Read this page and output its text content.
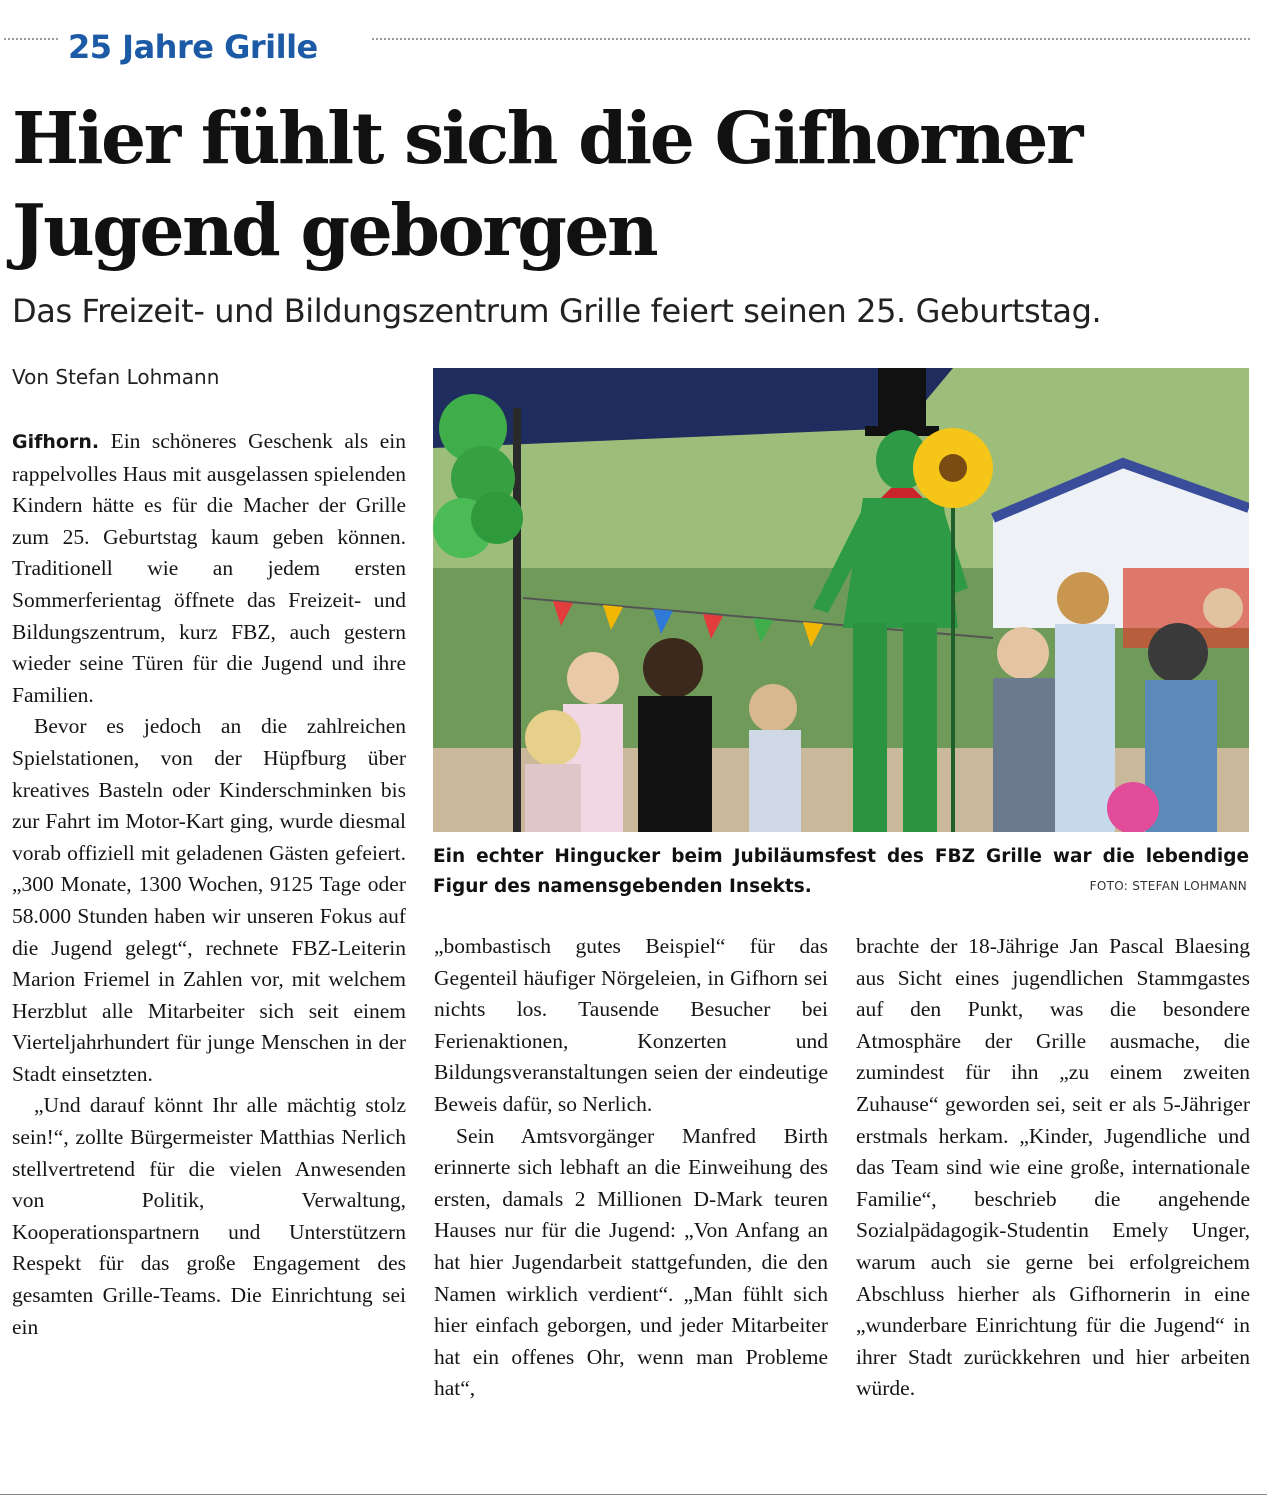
25 Jahre Grille
Hier fühlt sich die Gifhorner
Jugend geborgen
Das Freizeit- und Bildungszentrum Grille feiert seinen 25. Geburtstag.
Von Stefan Lohmann

Gifhorn. Ein schöneres Geschenk als ein rappelvolles Haus mit ausgelassen spielenden Kindern hätte es für die Macher der Grille zum 25. Geburtstag kaum geben können. Traditionell wie an jedem ersten Sommerferientag öffnete das Freizeit- und Bildungszentrum, kurz FBZ, auch gestern wieder seine Türen für die Jugend und ihre Familien.

Bevor es jedoch an die zahlreichen Spielstationen, von der Hüpfburg über kreatives Basteln oder Kinderschminken bis zur Fahrt im Motor-Kart ging, wurde diesmal vorab offiziell mit geladenen Gästen gefeiert. „300 Monate, 1300 Wochen, 9125 Tage oder 58.000 Stunden haben wir unseren Fokus auf die Jugend gelegt“, rechnete FBZ-Leiterin Marion Friemel in Zahlen vor, mit welchem Herzblut alle Mitarbeiter sich seit einem Vierteljahrhundert für junge Menschen in der Stadt einsetzten.

„Und darauf könnt Ihr alle mächtig stolz sein!“, zollte Bürgermeister Matthias Nerlich stellvertretend für die vielen Anwesenden von Politik, Verwaltung, Kooperationspartnern und Unterstützern Respekt für das große Engagement des gesamten Grille-Teams. Die Einrichtung sei ein

Ein echter Hingucker beim Jubiläumsfest des FBZ Grille war die lebendige Figur des namensgebenden Insekts.	FOTO: STEFAN LOHMANN

„bombastisch gutes Beispiel“ für das Gegenteil häufiger Nörgeleien, in Gifhorn sei nichts los. Tausende Besucher bei Ferienaktionen, Konzerten und Bildungsveranstaltungen seien der eindeutige Beweis dafür, so Nerlich.

Sein Amtsvorgänger Manfred Birth erinnerte sich lebhaft an die Einweihung des ersten, damals 2 Millionen D-Mark teuren Hauses nur für die Jugend: „Von Anfang an hat hier Jugendarbeit stattgefunden, die den Namen wirklich verdient“. „Man fühlt sich hier einfach geborgen, und jeder Mitarbeiter hat ein offenes Ohr, wenn man Probleme hat“,

brachte der 18-Jährige Jan Pascal Blaesing aus Sicht eines jugendlichen Stammgastes auf den Punkt, was die besondere Atmosphäre der Grille ausmache, die zumindest für ihn „zu einem zweiten Zuhause“ geworden sei, seit er als 5-Jähriger erstmals herkam. „Kinder, Jugendliche und das Team sind wie eine große, internationale Familie“, beschrieb die angehende Sozialpädagogik-Studentin Emely Unger, warum auch sie gerne bei erfolgreichem Abschluss hierher als Gifhornerin in eine „wunderbare Einrichtung für die Jugend“ in ihrer Stadt zurückkehren und hier arbeiten würde.
